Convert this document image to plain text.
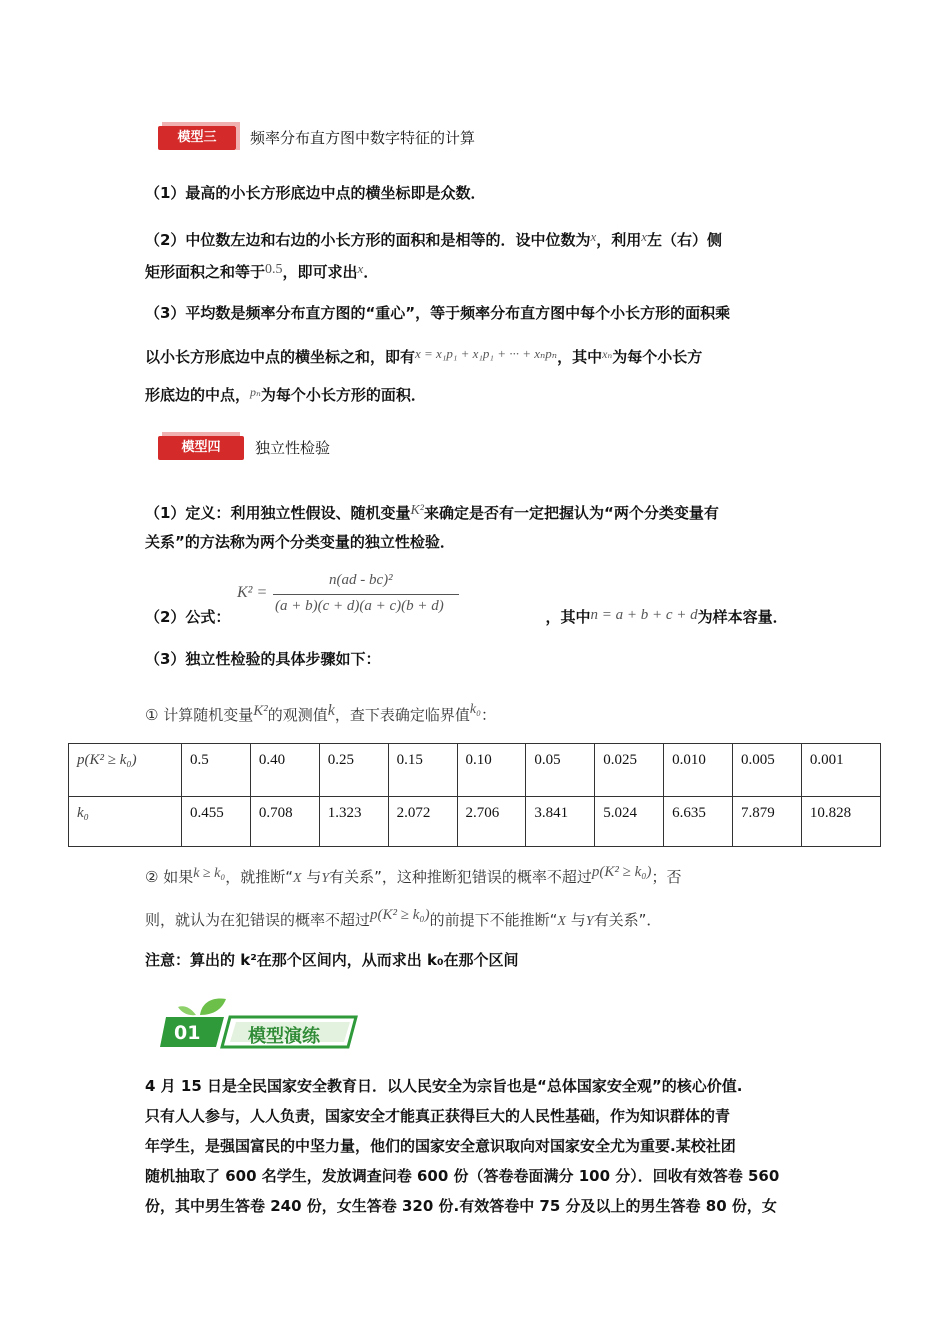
模型三	频率分布直方图中数字特征的计算
（1）最高的小长方形底边中点的横坐标即是众数．
（2）中位数左边和右边的小长方形的面积和是相等的．设中位数为x，利用x左（右）侧
矩形面积之和等于0.5，即可求出x．
（3）平均数是频率分布直方图的“重心”，等于频率分布直方图中每个小长方形的面积乘
以小长方形底边中点的横坐标之和，即有x = x₁p₁ + x₁p₁ + ··· + xₙpₙ，其中$^{x_n}$为每个小长方
形底边的中点，$^{p_n}$为每个小长方形的面积．
模型四	独立性检验
（1）定义：利用独立性假设、随机变量K²来确定是否有一定把握认为“两个分类变量有
关系”的方法称为两个分类变量的独立性检验．
K² =
n(ad - bc)²
(a + b)(c + d)(a + c)(b + d)
（2）公式：	，其中n = a + b + c + d为样本容量．
（3）独立性检验的具体步骤如下：
① 计算随机变量K²的观测值k，查下表确定临界值k₀：
p(K² ≥ k₀)	0.5	0.40	0.25	0.15	0.10	0.05	0.025	0.010	0.005	0.001
k₀	0.455	0.708	1.323	2.072	2.706	3.841	5.024	6.635	7.879	10.828
② 如果k ≥ k₀，就推断“X 与Y有关系”，这种推断犯错误的概率不超过p(K² ≥ k₀)；否
则，就认为在犯错误的概率不超过p(K² ≥ k₀)的前提下不能推断“X 与Y有关系”．
注意：算出的 k²在那个区间内，从而求出 k₀在那个区间
01	模型演练
4 月 15 日是全民国家安全教育日．以人民安全为宗旨也是“总体国家安全观”的核心价值.
只有人人参与，人人负责，国家安全才能真正获得巨大的人民性基础，作为知识群体的青
年学生，是强国富民的中坚力量，他们的国家安全意识取向对国家安全尤为重要.某校社团
随机抽取了 600 名学生，发放调查问卷 600 份（答卷卷面满分 100 分）．回收有效答卷 560
份，其中男生答卷 240 份，女生答卷 320 份.有效答卷中 75 分及以上的男生答卷 80 份，女
